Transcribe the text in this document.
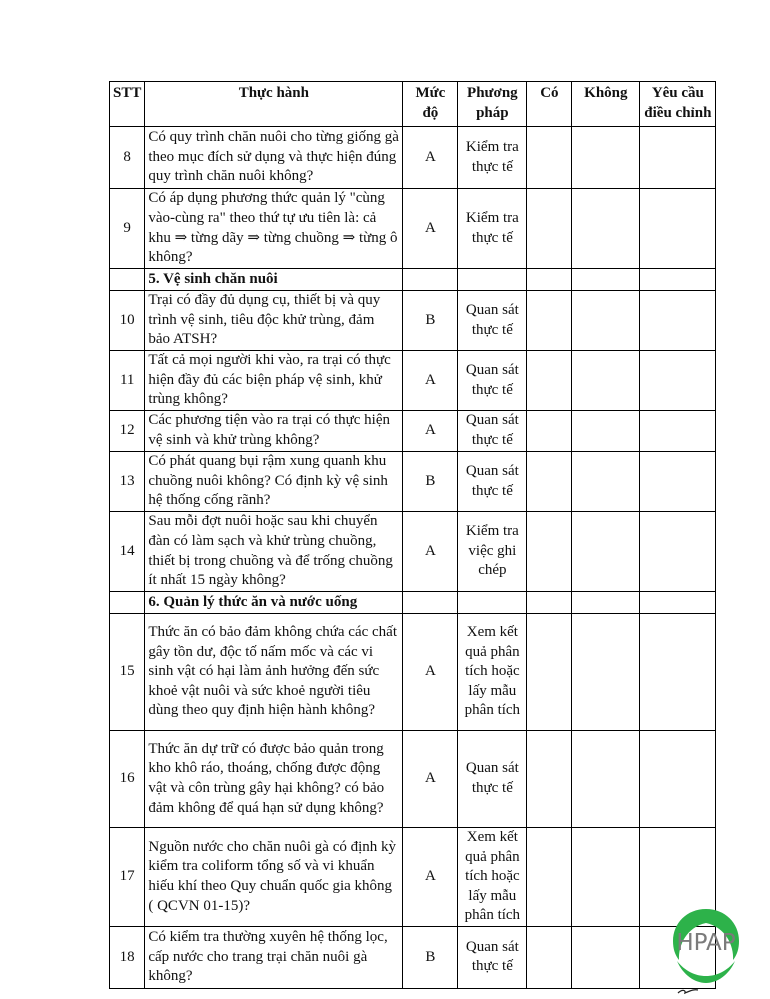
STT	Thực hành	Mức độ	Phương pháp	Có	Không	Yêu cầu điều chỉnh
8	Có quy trình chăn nuôi cho từng giống gà theo mục đích sử dụng và thực hiện đúng quy trình chăn nuôi không?	A	Kiểm tra thực tế			
9	Có áp dụng phương thức quản lý "cùng vào-cùng ra" theo thứ tự ưu tiên là: cả khu ⇒ từng dãy ⇒ từng chuồng ⇒ từng ô không?	A	Kiểm tra thực tế			
	5. Vệ sinh chăn nuôi					
10	Trại có đầy đủ dụng cụ, thiết bị và quy trình vệ sinh, tiêu độc khử trùng, đảm bảo ATSH?	B	Quan sát thực tế			
11	Tất cả mọi người khi vào, ra trại có thực hiện đầy đủ các biện pháp vệ sinh, khử trùng không?	A	Quan sát thực tế			
12	Các phương tiện vào ra trại có thực hiện vệ sinh và khử trùng không?	A	Quan sát thực tế			
13	Có phát quang bụi rậm xung quanh khu chuồng nuôi không? Có định kỳ vệ sinh hệ thống cống rãnh?	B	Quan sát thực tế			
14	Sau mỗi đợt nuôi hoặc sau khi chuyển đàn có làm sạch và khử trùng chuồng, thiết bị trong chuồng và để trống chuồng ít nhất 15 ngày không?	A	Kiểm tra việc ghi chép			
	6. Quản lý thức ăn và nước uống					
15	Thức ăn có bảo đảm không chứa các chất gây tồn dư, độc tố nấm mốc và các vi sinh vật có hại làm ảnh hưởng đến sức khoẻ vật nuôi và sức khoẻ người tiêu dùng theo quy định hiện hành không?	A	Xem kết quả phân tích hoặc lấy mẫu phân tích			
16	Thức ăn dự trữ có được bảo quản trong kho khô ráo, thoáng, chống được động vật và côn trùng gây hại không? có bảo đảm không để quá hạn sử dụng không?	A	Quan sát thực tế			
17	Nguồn nước cho chăn nuôi gà có định kỳ kiểm tra coliform tổng số và vi khuẩn hiếu khí theo Quy chuẩn quốc gia không ( QCVN 01-15)?	A	Xem kết quả phân tích hoặc lấy mẫu phân tích			
18	Có kiểm tra thường xuyên hệ thống lọc, cấp nước cho trang trại chăn nuôi gà không?	B	Quan sát thực tế			
HPAP
